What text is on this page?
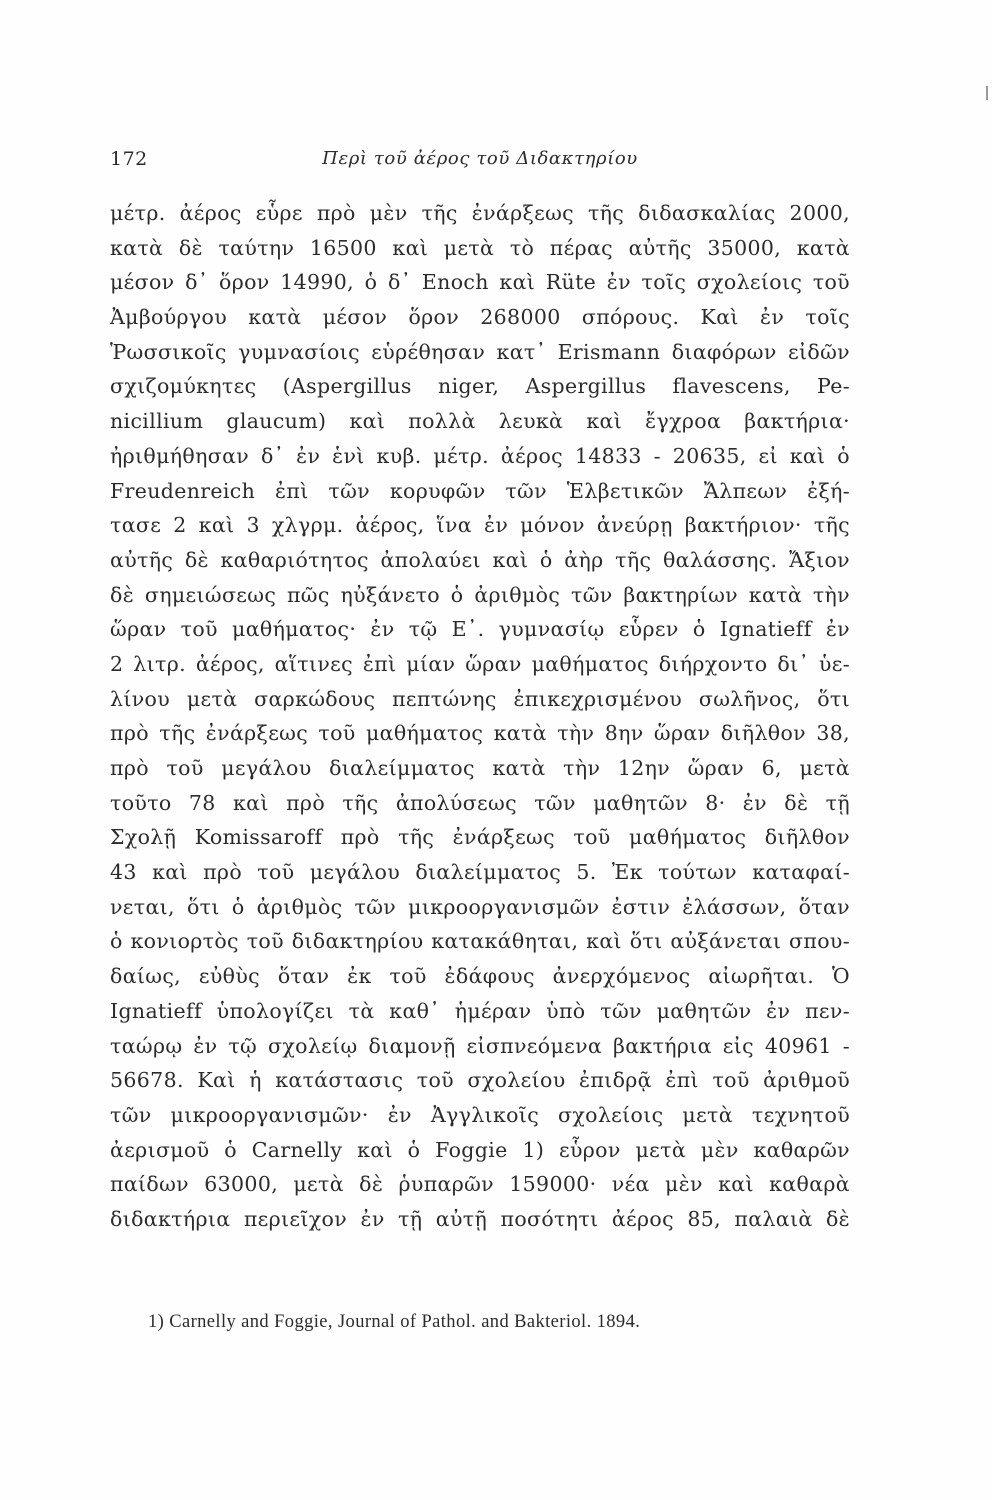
172	Περὶ τοῦ ἀέρος τοῦ Διδακτηρίου
μέτρ. ἀέρος εὗρε πρὸ μὲν τῆς ἐνάρξεως τῆς διδασκαλίας 2000,
κατὰ δὲ ταύτην 16500 καὶ μετὰ τὸ πέρας αὐτῆς 35000, κατὰ
μέσον δ᾽ ὅρον 14990, ὁ δ᾽ Enoch καὶ Rüte ἐν τοῖς σχολείοις τοῦ
Ἀμβούργου κατὰ μέσον ὅρον 268000 σπόρους. Καὶ ἐν τοῖς
Ῥωσσικοῖς γυμνασίοις εὑρέθησαν κατ᾽ Erismann διαφόρων εἰδῶν
σχιζομύκητες (Aspergillus niger, Aspergillus flavescens, Pe-
nicillium glaucum) καὶ πολλὰ λευκὰ καὶ ἔγχροα βακτήρια·
ἠριθμήθησαν δ᾽ ἐν ἑνὶ κυβ. μέτρ. ἀέρος 14833 - 20635, εἰ καὶ ὁ
Freudenreich ἐπὶ τῶν κορυφῶν τῶν Ἑλβετικῶν Ἄλπεων ἐξή-
τασε 2 καὶ 3 χλγρμ. ἀέρος, ἵνα ἐν μόνον ἀνεύρῃ βακτήριον· τῆς
αὐτῆς δὲ καθαριότητος ἀπολαύει καὶ ὁ ἀὴρ τῆς θαλάσσης. Ἄξιον
δὲ σημειώσεως πῶς ηὐξάνετο ὁ ἀριθμὸς τῶν βακτηρίων κατὰ τὴν
ὥραν τοῦ μαθήματος· ἐν τῷ Ε᾽. γυμνασίῳ εὗρεν ὁ Ignatieff ἐν
2 λιτρ. ἀέρος, αἵτινες ἐπὶ μίαν ὥραν μαθήματος διήρχοντο δι᾽ ὑε-
λίνου μετὰ σαρκώδους πεπτώνης ἐπικεχρισμένου σωλῆνος, ὅτι
πρὸ τῆς ἐνάρξεως τοῦ μαθήματος κατὰ τὴν 8ην ὥραν διῆλθον 38,
πρὸ τοῦ μεγάλου διαλείμματος κατὰ τὴν 12ην ὥραν 6, μετὰ
τοῦτο 78 καὶ πρὸ τῆς ἀπολύσεως τῶν μαθητῶν 8· ἐν δὲ τῇ
Σχολῇ Komissaroff πρὸ τῆς ἐνάρξεως τοῦ μαθήματος διῆλθον
43 καὶ πρὸ τοῦ μεγάλου διαλείμματος 5. Ἐκ τούτων καταφαί-
νεται, ὅτι ὁ ἀριθμὸς τῶν μικροοργανισμῶν ἐστιν ἐλάσσων, ὅταν
ὁ κονιορτὸς τοῦ διδακτηρίου κατακάθηται, καὶ ὅτι αὐξάνεται σπου-
δαίως, εὐθὺς ὅταν ἐκ τοῦ ἐδάφους ἀνερχόμενος αἰωρῆται. Ὁ
Ignatieff ὑπολογίζει τὰ καθ᾽ ἡμέραν ὑπὸ τῶν μαθητῶν ἐν πεν-
ταώρῳ ἐν τῷ σχολείῳ διαμονῇ εἰσπνεόμενα βακτήρια εἰς 40961 -
56678. Καὶ ἡ κατάστασις τοῦ σχολείου ἐπιδρᾷ ἐπὶ τοῦ ἀριθμοῦ
τῶν μικροοργανισμῶν· ἐν Ἀγγλικοῖς σχολείοις μετὰ τεχνητοῦ
ἀερισμοῦ ὁ Carnelly καὶ ὁ Foggie 1) εὗρον μετὰ μὲν καθαρῶν
παίδων 63000, μετὰ δὲ ῥυπαρῶν 159000· νέα μὲν καὶ καθαρὰ
διδακτήρια περιεῖχον ἐν τῇ αὐτῇ ποσότητι ἀέρος 85, παλαιὰ δὲ
1) Carnelly and Foggie, Journal of Pathol. and Bakteriol. 1894.
